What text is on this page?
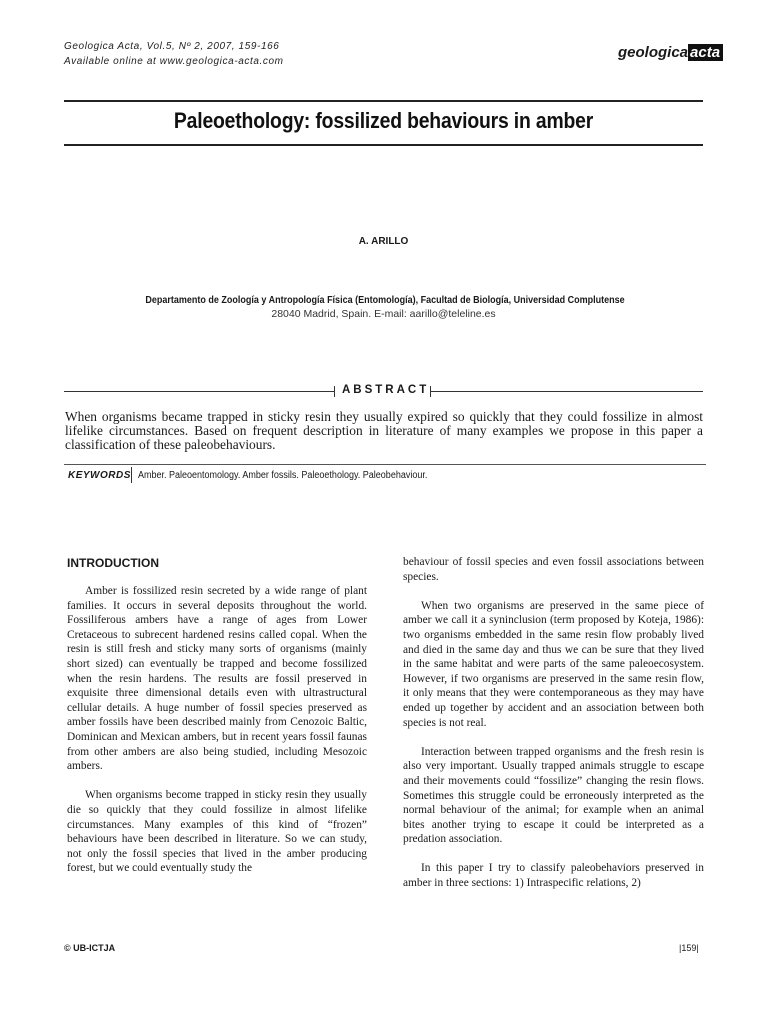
Geologica Acta, Vol.5, Nº 2, 2007, 159-166
Available online at www.geologica-acta.com	geologica acta
Paleoethology: fossilized behaviours in amber
A. ARILLO
Departamento de Zoología y Antropología Física (Entomología), Facultad de Biología, Universidad Complutense
28040 Madrid, Spain. E-mail: aarillo@teleline.es
ABSTRACT
When organisms became trapped in sticky resin they usually expired so quickly that they could fossilize in almost lifelike circumstances. Based on frequent description in literature of many examples we propose in this paper a classification of these paleobehaviours.
KEYWORDS Amber. Paleoentomology. Amber fossils. Paleoethology. Paleobehaviour.
INTRODUCTION

Amber is fossilized resin secreted by a wide range of plant families. It occurs in several deposits throughout the world. Fossiliferous ambers have a range of ages from Lower Cretaceous to subrecent hardened resins called copal. When the resin is still fresh and sticky many sorts of organisms (mainly short sized) can eventually be trapped and become fossilized when the resin hardens. The results are fossil preserved in exquisite three dimensional details even with ultrastructural cellular details. A huge number of fossil species preserved as amber fossils have been described mainly from Cenozoic Baltic, Dominican and Mexican ambers, but in recent years fossil faunas from other ambers are also being studied, including Mesozoic ambers.

When organisms become trapped in sticky resin they usually die so quickly that they could fossilize in almost lifelike circumstances. Many examples of this kind of “frozen” behaviours have been described in literature. So we can study, not only the fossil species that lived in the amber producing forest, but we could eventually study the

behaviour of fossil species and even fossil associations between species.

When two organisms are preserved in the same piece of amber we call it a syninclusion (term proposed by Koteja, 1986): two organisms embedded in the same resin flow probably lived and died in the same day and thus we can be sure that they lived in the same habitat and were parts of the same paleoecosystem. However, if two organisms are preserved in the same resin flow, it only means that they were contemporaneous as they may have ended up together by accident and an association between both species is not real.

Interaction between trapped organisms and the fresh resin is also very important. Usually trapped animals struggle to escape and their movements could “fossilize” changing the resin flows. Sometimes this struggle could be erroneously interpreted as the normal behaviour of the animal; for example when an animal bites another trying to escape it could be interpreted as a predation association.

In this paper I try to classify paleobehaviors preserved in amber in three sections: 1) Intraspecific relations, 2)

© UB-ICTJA	|159|
